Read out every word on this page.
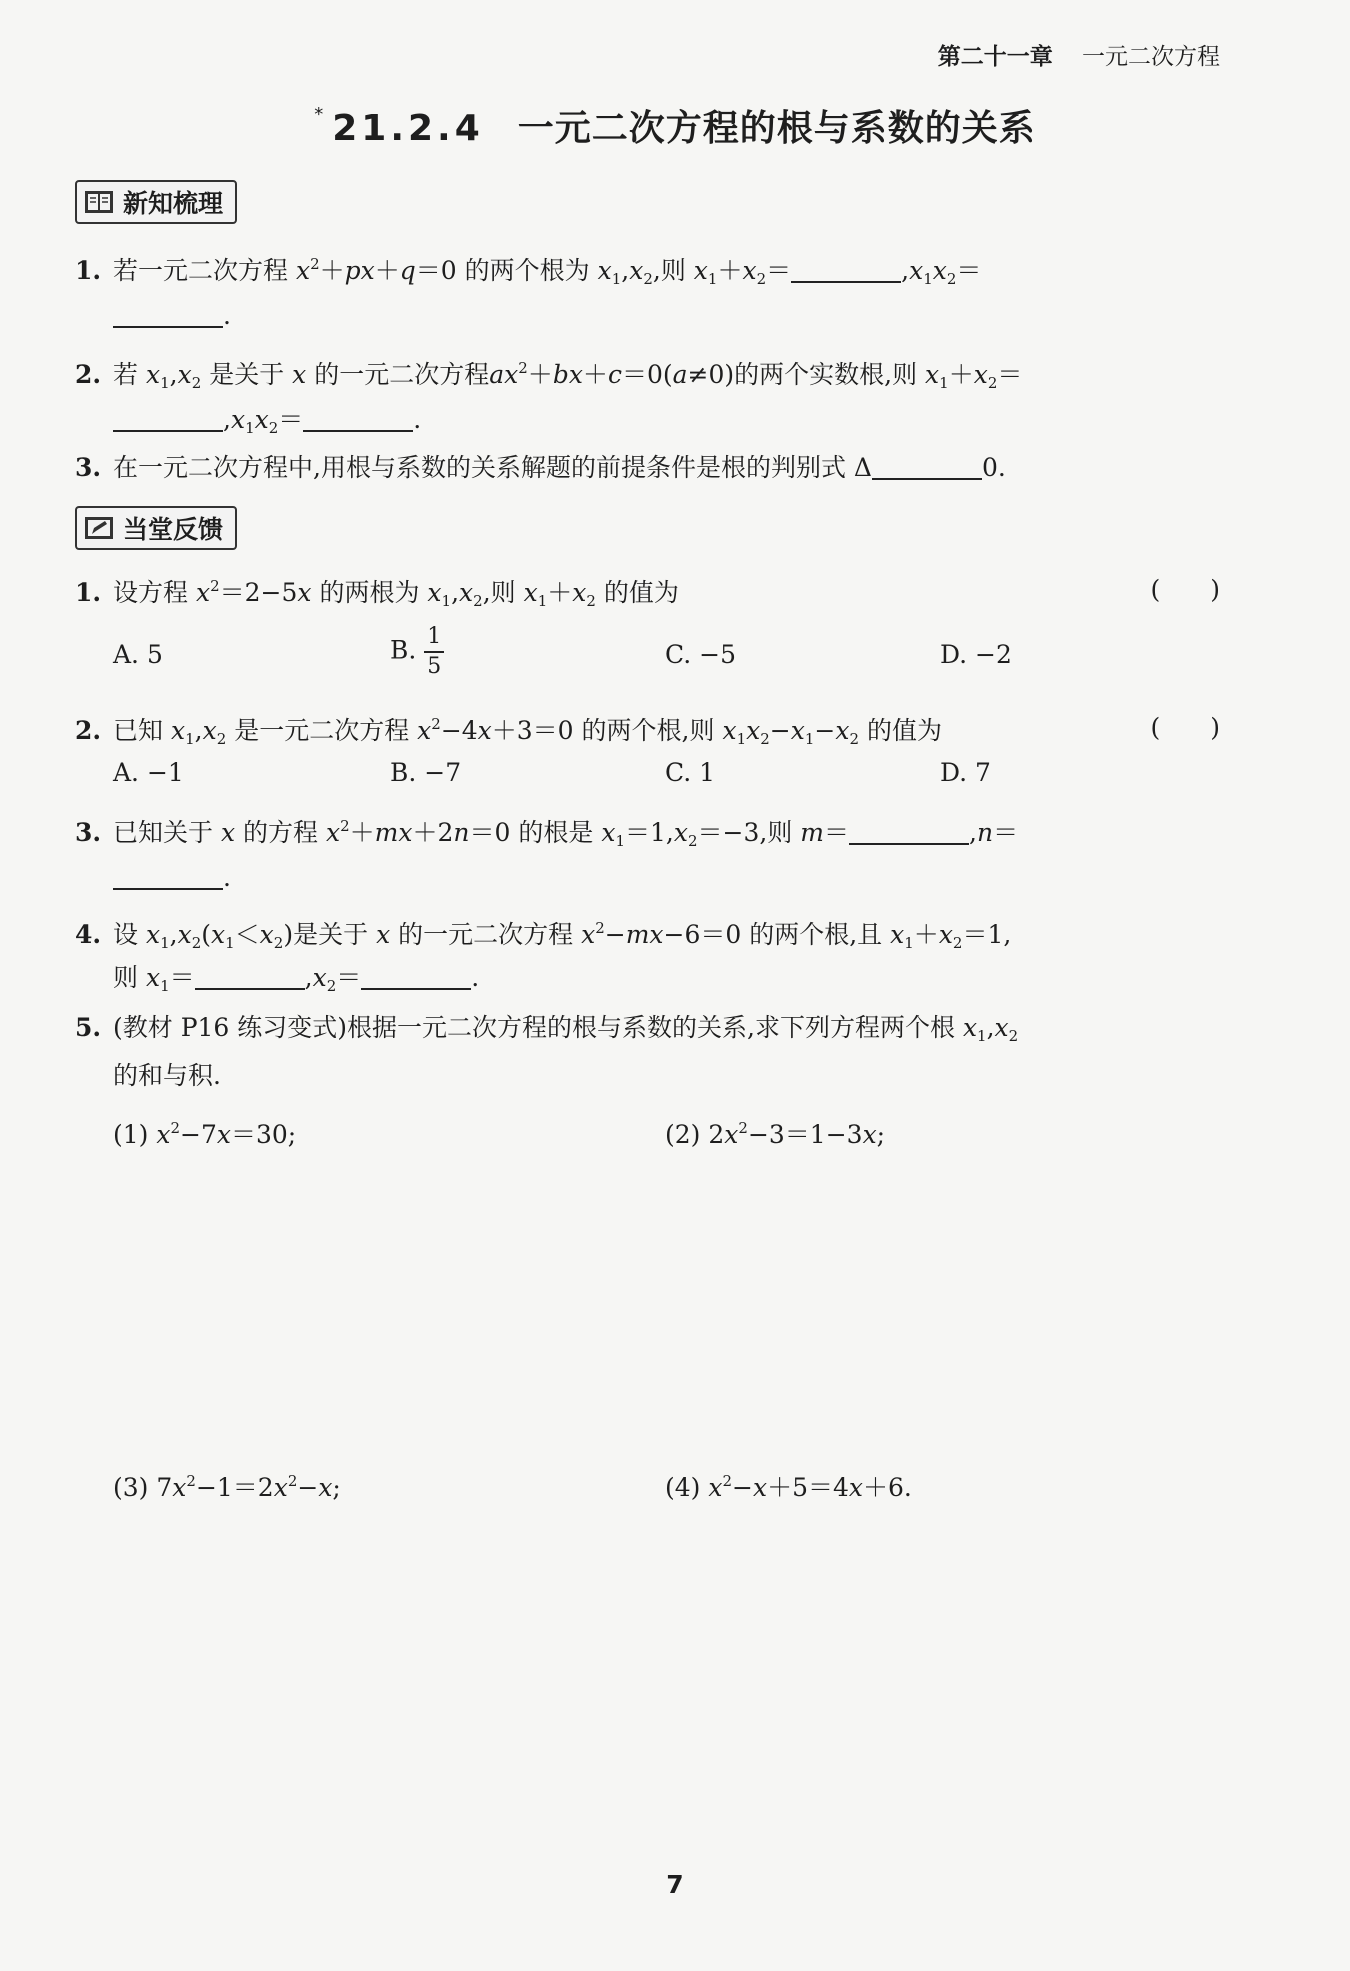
第二十一章 一元二次方程
* 21.2.4 一元二次方程的根与系数的关系
新知梳理
1. 若一元二次方程 $x^2+px+q=0$ 的两个根为 $x_1,x_2$,则 $x_1+x_2=$	$,x_1x_2=$
.
2. 若 $x_1,x_2$ 是关于 x 的一元二次方程$ax^2+bx+c=0(a\ne 0)$的两个实数根,则 $x_1+x_2=$
$,x_1x_2=$	.
3. 在一元二次方程中,用根与系数的关系解题的前提条件是根的判别式 Δ	0.
当堂反馈
1. 设方程 $x^2=2-5x$ 的两根为 $x_1,x_2$,则 $x_1+x_2$ 的值为	(　　)
A. 5	B. $\frac{1}{5}$	C. −5	D. −2
2. 已知 $x_1,x_2$ 是一元二次方程 $x^2-4x+3=0$ 的两个根,则 $x_1x_2-x_1-x_2$ 的值为	(　　)
A. −1	B. −7	C. 1	D. 7
3. 已知关于 x 的方程 $x^2+mx+2n=0$ 的根是 $x_1=1,x_2=-3$,则 m＝	,n＝
.
4. 设 $x_1,x_2(x_1<x_2)$是关于 x 的一元二次方程 $x^2-mx-6=0$ 的两个根,且 $x_1+x_2=1$,
则 $x_1=$	$,x_2=$	.
5. (教材 P16 练习变式)根据一元二次方程的根与系数的关系,求下列方程两个根 $x_1,x_2$
的和与积.
(1) $x^2-7x=30$;	(2) $2x^2-3=1-3x$;
(3) $7x^2-1=2x^2-x$;	(4) $x^2-x+5=4x+6$.
7
